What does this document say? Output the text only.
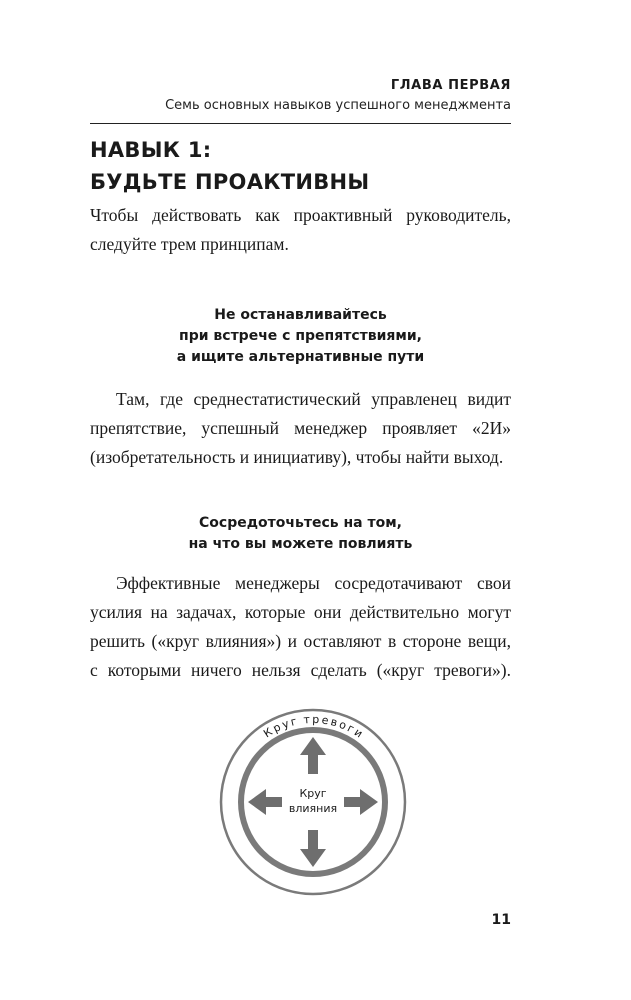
ГЛАВА ПЕРВАЯ
Семь основных навыков успешного менеджмента
НАВЫК 1:
БУДЬТЕ ПРОАКТИВНЫ
Чтобы действовать как проактивный руководитель,
следуйте трем принципам.
Не останавливайтесь
при встрече с препятствиями,
а ищите альтернативные пути
Там, где среднестатистический управленец видит
препятствие, успешный менеджер проявляет «2И»
(изобретательность и инициативу), чтобы найти выход.
Сосредоточьтесь на том,
на что вы можете повлиять
Эффективные менеджеры сосредотачивают свои
усилия на задачах, которые они действительно могут
решить («круг влияния») и оставляют в стороне вещи,
с которыми ничего нельзя сделать («круг тревоги»).
Круг тревоги
Круг
влияния
11
